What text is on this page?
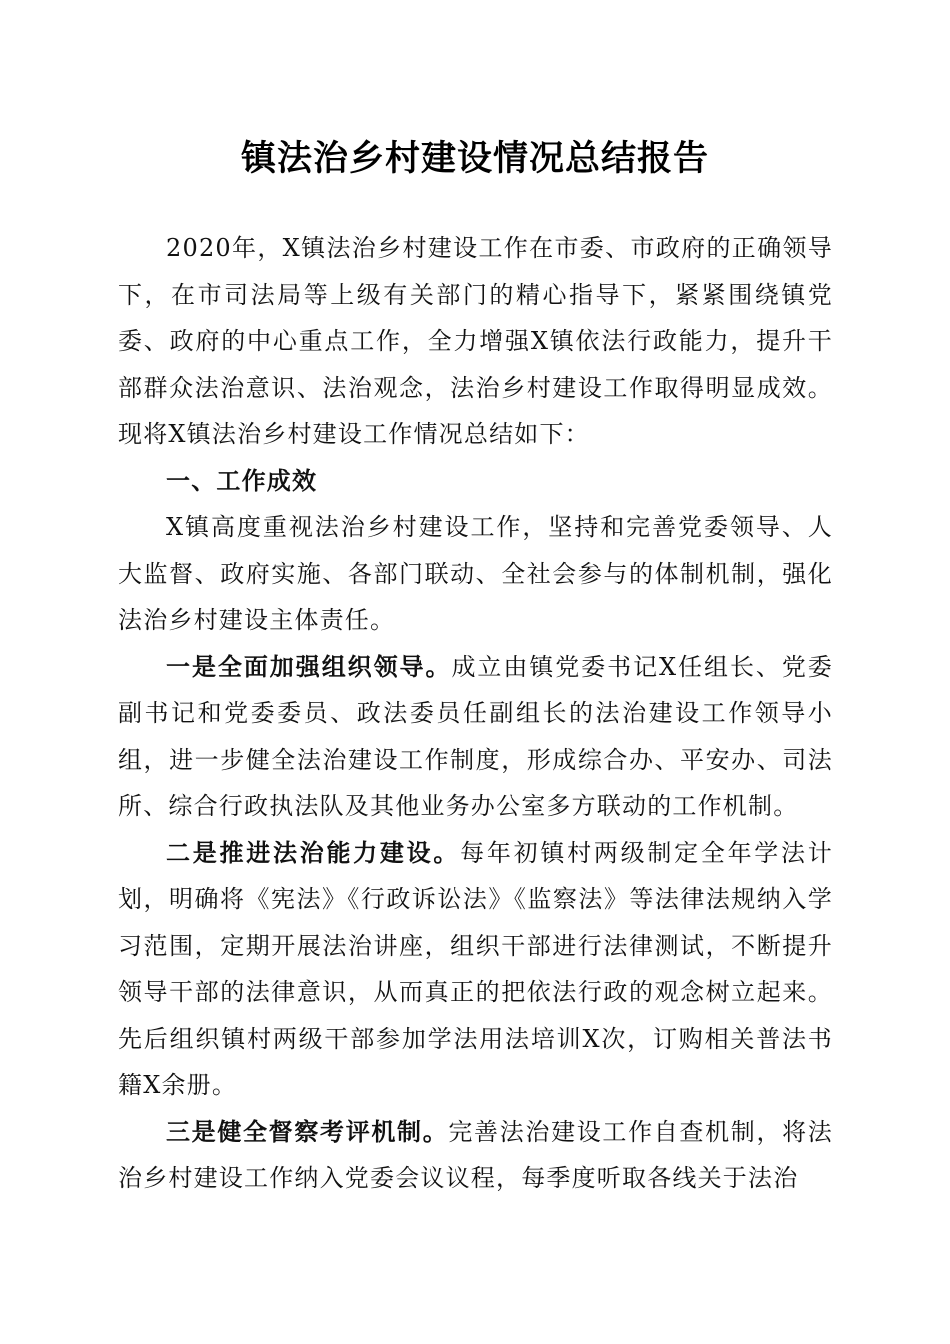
镇法治乡村建设情况总结报告

2020年，X镇法治乡村建设工作在市委、市政府的正确领导下，在市司法局等上级有关部门的精心指导下，紧紧围绕镇党委、政府的中心重点工作，全力增强X镇依法行政能力，提升干部群众法治意识、法治观念，法治乡村建设工作取得明显成效。现将X镇法治乡村建设工作情况总结如下：

一、工作成效

X镇高度重视法治乡村建设工作，坚持和完善党委领导、人大监督、政府实施、各部门联动、全社会参与的体制机制，强化法治乡村建设主体责任。

一是全面加强组织领导。成立由镇党委书记X任组长、党委副书记和党委委员、政法委员任副组长的法治建设工作领导小组，进一步健全法治建设工作制度，形成综合办、平安办、司法所、综合行政执法队及其他业务办公室多方联动的工作机制。

二是推进法治能力建设。每年初镇村两级制定全年学法计划，明确将《宪法》《行政诉讼法》《监察法》等法律法规纳入学习范围，定期开展法治讲座，组织干部进行法律测试，不断提升领导干部的法律意识，从而真正的把依法行政的观念树立起来。先后组织镇村两级干部参加学法用法培训X次，订购相关普法书籍X余册。

三是健全督察考评机制。完善法治建设工作自查机制，将法治乡村建设工作纳入党委会议议程，每季度听取各线关于法治
